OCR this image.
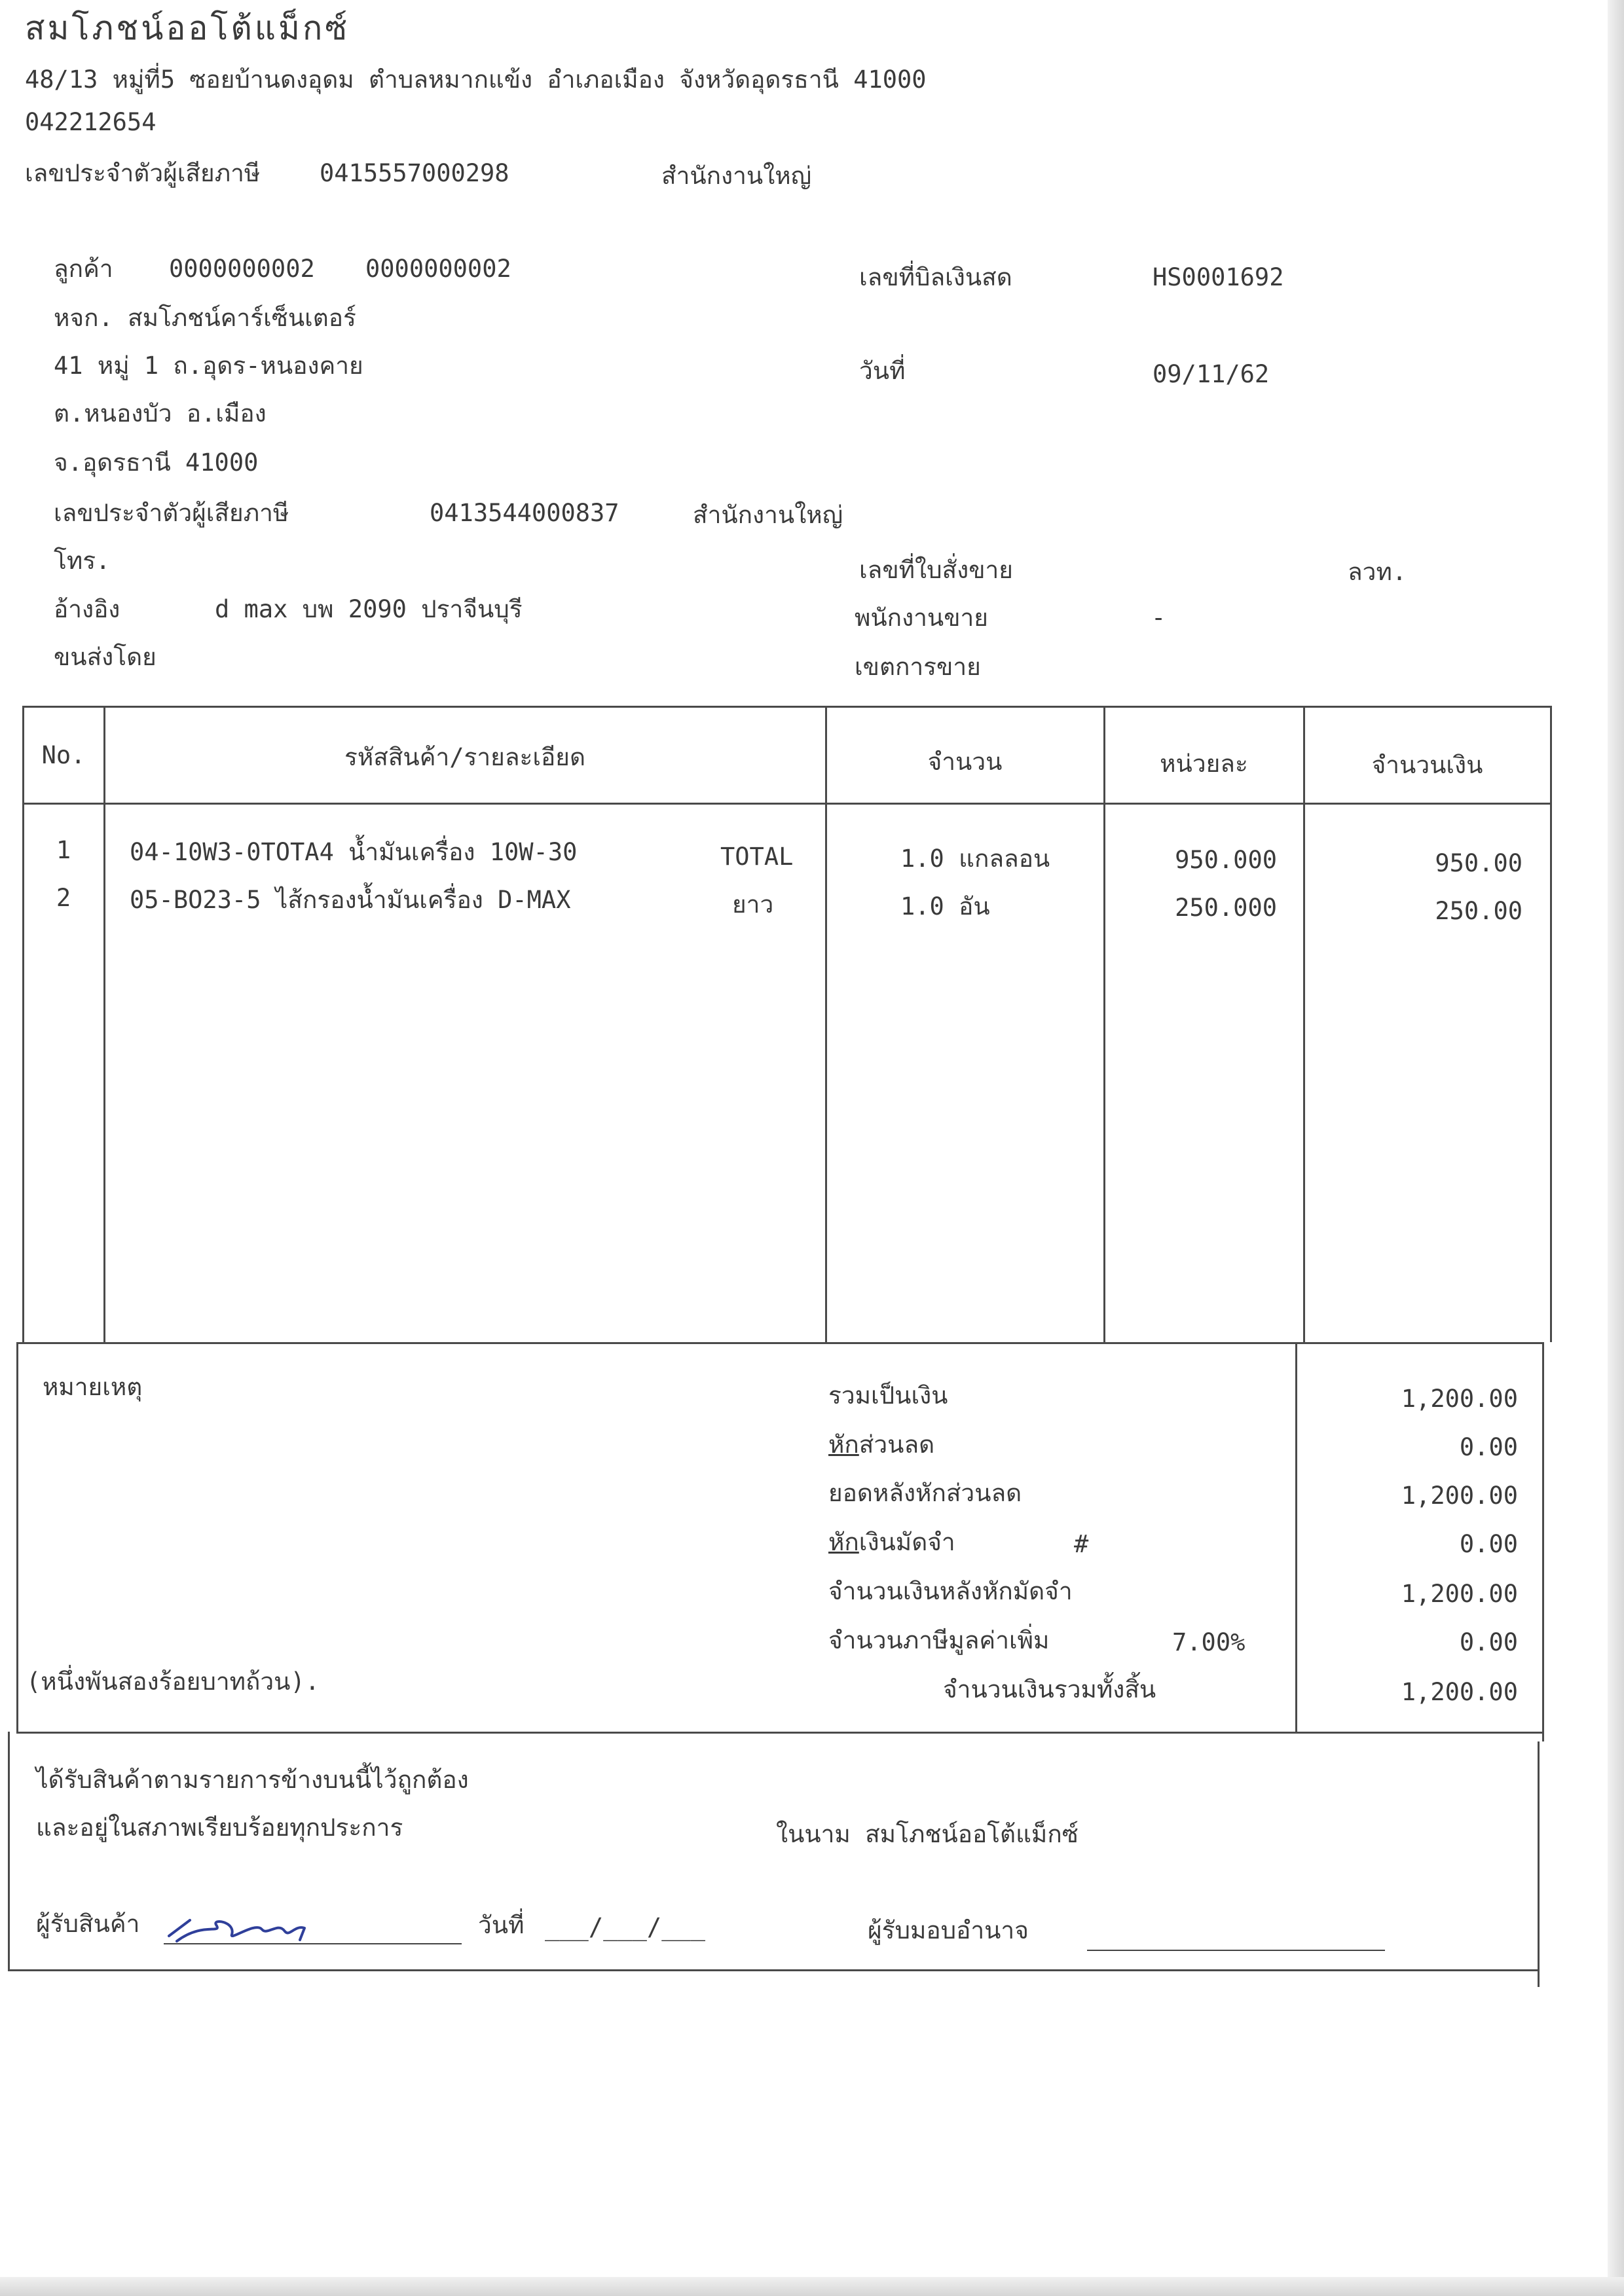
สมโภชน์ออโต้แม็กซ์
48/13 หมู่ที่5 ซอยบ้านดงอุดม ตำบลหมากแข้ง อำเภอเมือง จังหวัดอุดรธานี 41000
042212654
เลขประจำตัวผู้เสียภาษี 0415557000298	สำนักงานใหญ่
ลูกค้า 0000000002 0000000002
หจก. สมโภชน์คาร์เซ็นเตอร์
41 หมู่ 1 ถ.อุดร-หนองคาย
ต.หนองบัว อ.เมือง
จ.อุดรธานี 41000
เลขประจำตัวผู้เสียภาษี	0413544000837	สำนักงานใหญ่
โทร.
อ้างอิง	d max บพ 2090 ปราจีนบุรี
ขนส่งโดย
เลขที่บิลเงินสด	HS0001692
วันที่	09/11/62
เลขที่ใบสั่งขาย	ลวท.
พนักงานขาย	-
เขตการขาย
No.	รหัสสินค้า/รายละเอียด	จำนวน	หน่วยละ	จำนวนเงิน
1	04-10W3-0TOTA4 น้ำมันเครื่อง 10W-30	TOTAL	1.0 แกลลอน	950.000	950.00
2	05-BO23-5 ไส้กรองน้ำมันเครื่อง D-MAX	ยาว	1.0 อัน	250.000	250.00
หมายเหตุ
(หนึ่งพันสองร้อยบาทถ้วน).
รวมเป็นเงิน	1,200.00
หักส่วนลด	0.00
ยอดหลังหักส่วนลด	1,200.00
หักเงินมัดจำ	#	0.00
จำนวนเงินหลังหักมัดจำ	1,200.00
จำนวนภาษีมูลค่าเพิ่ม	7.00%	0.00
จำนวนเงินรวมทั้งสิ้น	1,200.00
ได้รับสินค้าตามรายการข้างบนนี้ไว้ถูกต้อง
และอยู่ในสภาพเรียบร้อยทุกประการ	ในนาม สมโภชน์ออโต้แม็กซ์
ผู้รับสินค้า	วันที่ ___/___/___	ผู้รับมอบอำนาจ
